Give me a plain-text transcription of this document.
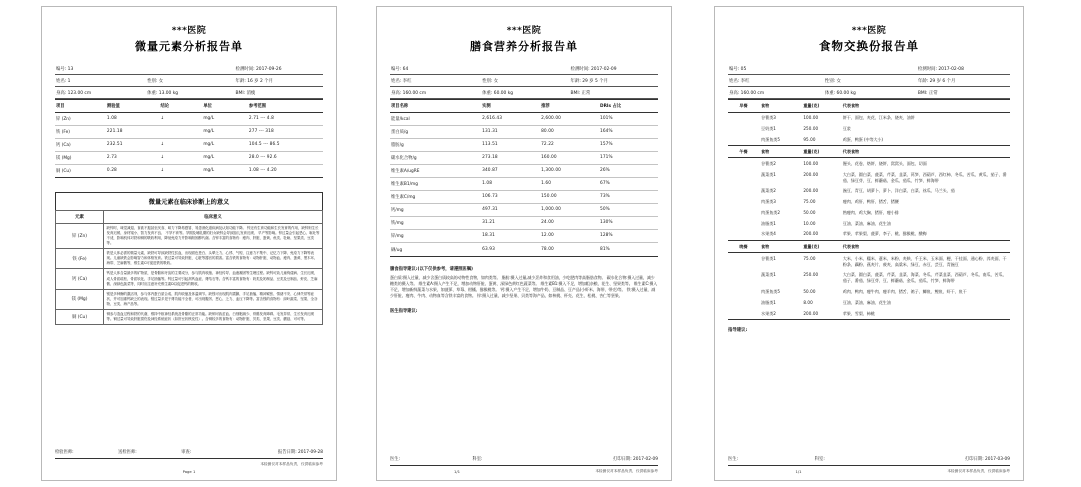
***医院
微量元素分析报告单
编号: 13		检测时间: 2017-09-26
姓名: 1	性别: 女	年龄: 16 岁 2 个月
身高: 123.00 cm	体重: 13.00 kg	BMI: 消瘦
项目	测验值	结论	单位	参考范围
锌 (Zn)	1.08	↓	mg/L	2.71 --- 4.8
铁 (Fe)	221.18		mg/L	277 --- 318
钙 (Ca)	232.51	↓	mg/L	104.5 --- 86.5
镁 (Mg)	2.73	↓	mg/L	28.0 --- 92.6
铜 (Cu)	0.28	↓	mg/L	1.08 --- 4.20
微量元素在临床诊断上的意义
元素	临床意义
锌 (Zn)	缺锌时，味觉减退、食欲不振甚至厌食、味力下降易感冒、易患消化道疾病及认知功能下降。 锌还有生育功能和生长发育的作用，缺锌则生长发育迟缓、身材矮小、智力发育不良、 不孕不育等。孕期及哺乳期的妇女缺锌会导致胎儿发育迟缓、 早产等影响。锌过量会引起恶心、呕吐等不适，影响机体对铁和铜的吸收利用，降低免疫力并影响胆固醇代谢。含锌丰富的食物有：瘦肉、肝脏、蛋黄、鱼类、牡蛎、坚果类、豆类等。
铁 (Fe)	铁是人体必需的微量元素，缺铁可导致缺铁性贫血，出现面色苍白、头晕乏力、心悸、气短、注意力不集中、记忆力下降、免疫力下降等表现。儿童缺铁会影响智力和体格发育。铁过量可导致肝脏、心脏等器官的损害。富含铁的食物有：动物肝脏、动物血、瘦肉、蛋黄、黑木耳、海带、芝麻酱等，维生素C可促进铁的吸收。
钙 (Ca)	钙是人体含量最多的矿物质，是骨骼和牙齿的主要成分，参与肌肉收缩、神经传导、血液凝固等生理过程。缺钙可致儿童佝偻病、生长迟缓，成人骨质疏松、骨质软化、手足抽搐等。钙过量可引起高钙血症、肾结石等。含钙丰富的食物有：奶类及奶制品、豆类及豆制品、虾皮、芝麻酱、深绿色蔬菜等，同时应注意补充维生素D以促进钙的吸收。
镁 (Mg)	镁是多种酶的激活剂，参与体内蛋白质合成、肌肉收缩及体温调节。缺镁可出现肌肉震颤、手足抽搐、精神紧张、情绪不安、心律失常等症状，并可加重钙缺乏的表现。镁过量多见于肾功能不全者，可出现腹泻、恶心、乏力、血压下降等。富含镁的食物有：绿叶蔬菜、坚果、全谷物、豆类、海产品等。
铜 (Cu)	铜参与造血过程和铁的代谢，维持中枢神经系统及骨骼的正常功能。缺铜可致贫血、白细胞减少、骨骼发育障碍、毛发异常、生长发育迟缓等。铜过量可导致肝脏损伤及神经系统症状（如肝豆状核变性）。含铜较多的食物有：动物肝脏、贝类、坚果、豆类、蘑菇、可可等。
检验医师:	送检医师:	审查:	报告日期: 2017-09-28
本检测仅对本样品负责，仅供临床参考
Page 1
***医院
膳食营养分析报告单
编号: 64		检测时间: 2017-02-09
姓名: 李红	性别: 女	年龄: 29 岁 5 个月
身高: 160.00 cm	体重: 60.00 kg	BMI: 正常
项目名称	实测	推荐	DRIs 占比
能量/kcal	2,616.43	2,600.00	101%
蛋白质/g	131.31	80.00	164%
脂肪/g	113.51	72.22	157%
碳水化合物/g	273.18	160.00	171%
维生素A/ugRE	340.87	1,300.00	26%
维生素B1/mg	1.08	1.60	67%
维生素C/mg	106.73	150.00	73%
钙/mg	497.31	1,000.00	50%
铁/mg	31.21	24.00	130%
锌/mg	18.31	12.00	128%
硒/ug	63.93	78.00	81%
膳食指导建议:(以下仅供参考，请遵照医嘱)
蛋白质:摄入过量，减少含蛋白质较高的动物性食物，如肉类等。 脂肪:摄入过量,减少烹炸和食用油，少吃肥肉等高脂肪食物。 碳水化合物:摄入过量，减少糖类的摄入等。 维生素A:摄入产生不足，增加动物肝脏、蛋黄、深绿色黄红色蔬菜等。 维生素B1:摄入不足，增加粗杂粮、花生、坚果类等。 维生素C:摄入不足，增加新鲜蔬菜与水果，如菠萝、草莓、柑橘、猕猴桃等。 钙:摄入产生不足，增加牛奶、豆制品、豆产品(小虾米、海带、带壳)等。 铁:摄入过量，减少肝脏、瘦肉、牛肉、动物血等含铁丰富的食物。 锌:摄入过量，减少坚果、贝类等海产品，如核桃、杯壳、花生、松桃、杏仁等坚果。
医生指导建议:
医生:	科室:	打印日期: 2017-02-09
1/1	本检测仅对本样品负责，仅供临床参考
***医院
食物交换份报告单
编号: 05		检测时间: 2017-02-08
姓名: 李红	性别: 女	年龄: 29 岁 6 个月
身高: 160.00 cm	体重: 60.00 kg	BMI: 正常
早餐	食物	重量(克)	代表食物
	谷薯类3	100.00	饼干、面包、麦花、江米条、烧麦、油饼
	豆奶类1	250.00	豆浆
	肉蛋鱼类5	95.00	鸡蛋、鸭蛋 (中等大小)
午餐	食物	重量(克)	代表食物
	谷薯类2	100.00	馒头、花卷、烙饼、烧饼、窝窝头、面包、切面
	蔬菜类1	200.00	大白菜、圆白菜、菠菜、芹菜、韭菜、莴笋、西葫芦、西红柿、冬瓜、苦瓜、黄瓜、茄子、番茄、绿豆芽、豆、鲜蘑菇、金瓜、茄瓜、竹笋、鲜海带
	蔬菜类2	200.00	豌豆、青豆、胡萝卜、萝卜、洋白菜、白菜、丝瓜、马兰头、茄
	肉蛋类3	75.00	瘦肉、鸡肝、鸭肝、猪舌、猪腰
	肉蛋鱼类2	50.00	熟瘦肉、鸡大胸、猪肝、瘦小排
	油脂类1	10.00	豆油、菜油、麻油、花生油
	水果类4	200.00	苹果、苹果梨、菠萝、李子、桃、猕猴桃、酸梅
晚餐	食物	重量(克)	代表食物
	谷薯类1	75.00	大米、小米、糯米、薏米、米粉、麦麸、千王米、玉米面、粳、干挂面、通心粉、荞麦面、干粉条、藕粉、燕麦片、莜麦、高粱米、绿豆、赤豆、芸豆、青豌豆
	蔬菜类1	250.00	大白菜、圆白菜、菠菜、芹菜、韭菜、海菜、冬瓜、芹菜韭菜、西葫芦、冬瓜、南瓜、苦瓜、茄子、番茄、绿豆芽、豆、鲜蘑菇、金瓜、茄瓜、竹笋、鲜海带
	肉蛋鱼类5	50.00	鸡肉、鸭肉、瘦牛肉、瘦羊肉、猪舌、鸽子、鲫鱼、鲤鱼、虾干、鱼干
	油脂类1	8.00	豆油、菜油、麻油、花生油
	水果类2	200.00	苹果、雪梨、柿桃
指导建议:
医生:	科室:	打印日期: 2017-03-09
1/1	本检测仅对本样品负责，仅供临床参考
